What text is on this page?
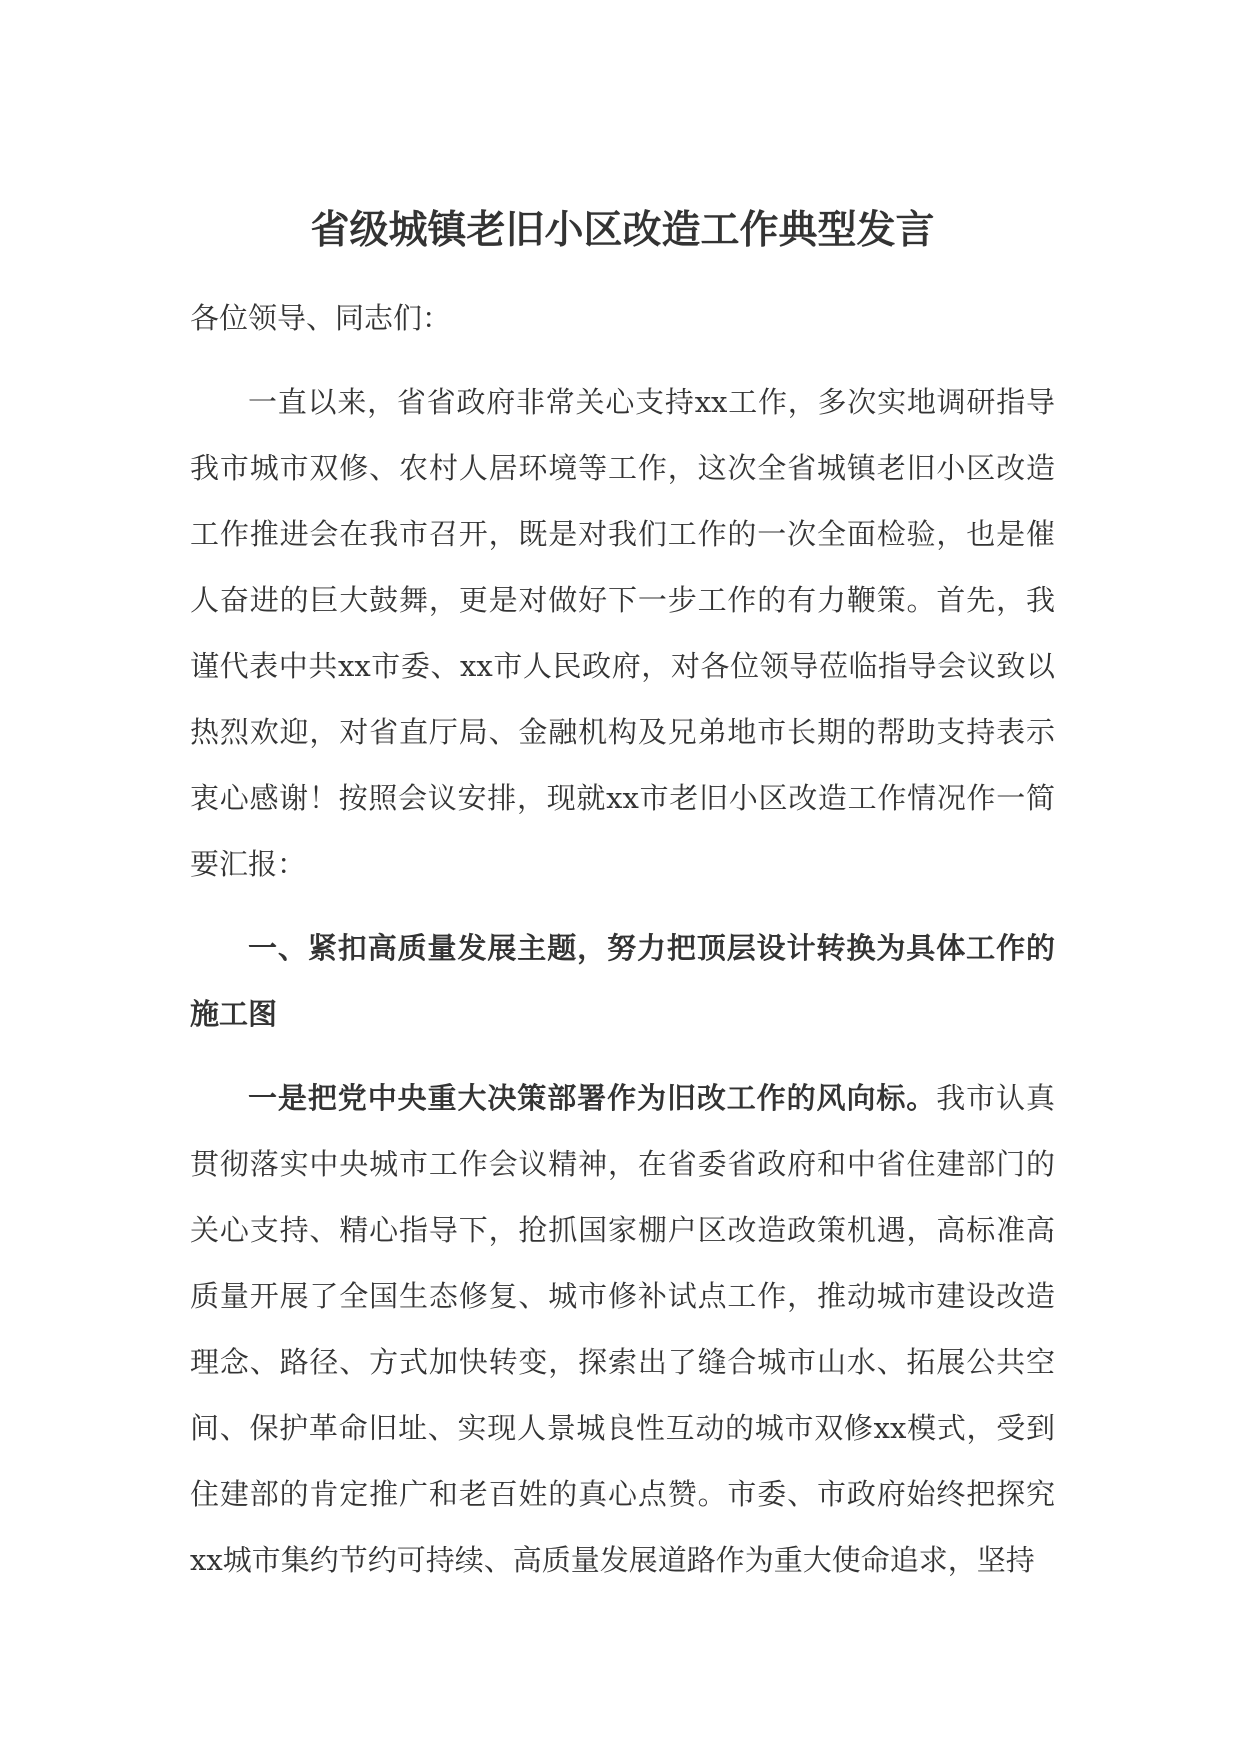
省级城镇老旧小区改造工作典型发言

各位领导、同志们：

一直以来，省省政府非常关心支持xx工作，多次实地调研指导我市城市双修、农村人居环境等工作，这次全省城镇老旧小区改造工作推进会在我市召开，既是对我们工作的一次全面检验，也是催人奋进的巨大鼓舞，更是对做好下一步工作的有力鞭策。首先，我谨代表中共xx市委、xx市人民政府，对各位领导莅临指导会议致以热烈欢迎，对省直厅局、金融机构及兄弟地市长期的帮助支持表示衷心感谢！按照会议安排，现就xx市老旧小区改造工作情况作一简要汇报：

一、紧扣高质量发展主题，努力把顶层设计转换为具体工作的施工图

一是把党中央重大决策部署作为旧改工作的风向标。我市认真贯彻落实中央城市工作会议精神，在省委省政府和中省住建部门的关心支持、精心指导下，抢抓国家棚户区改造政策机遇，高标准高质量开展了全国生态修复、城市修补试点工作，推动城市建设改造理念、路径、方式加快转变，探索出了缝合城市山水、拓展公共空间、保护革命旧址、实现人景城良性互动的城市双修xx模式，受到住建部的肯定推广和老百姓的真心点赞。市委、市政府始终把探究xx城市集约节约可持续、高质量发展道路作为重大使命追求，坚持
